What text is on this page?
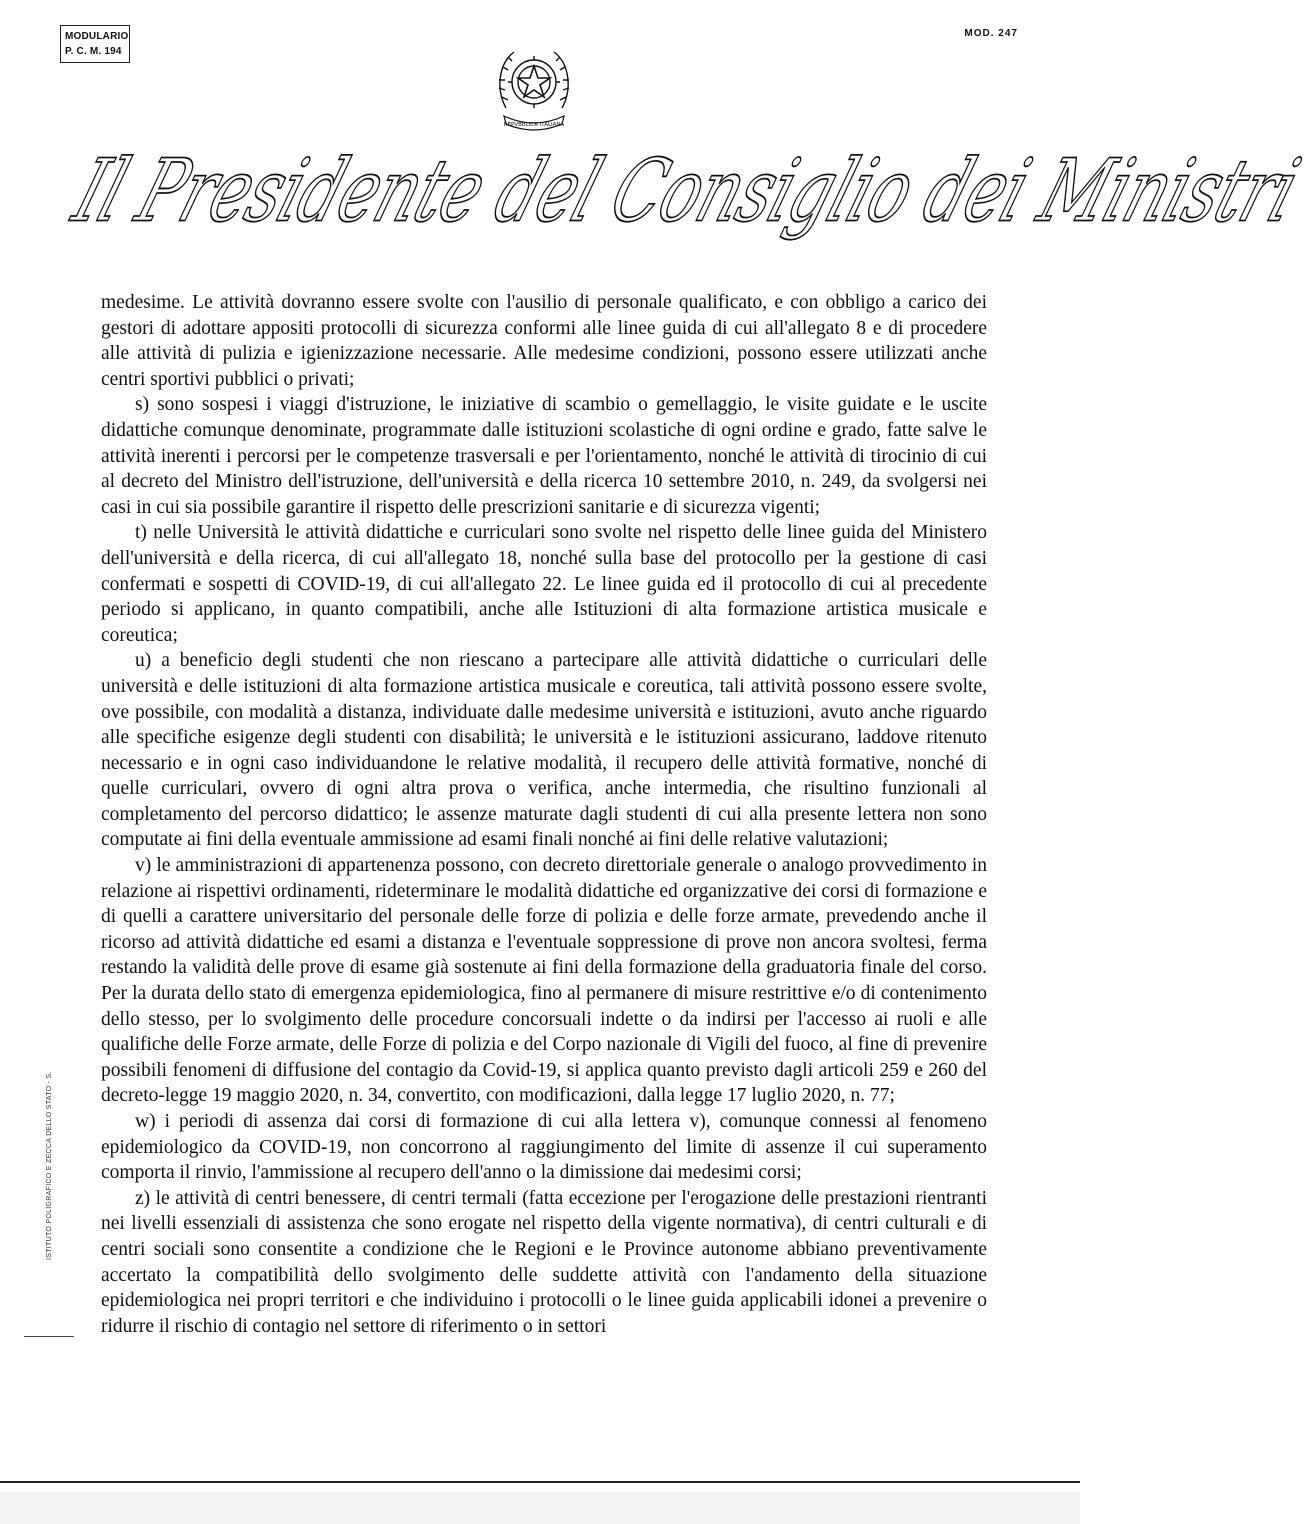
MODULARIO
P. C. M. 194
MOD. 247
REPVBBLICA ITALIANA
Il Presidente del Consiglio dei Ministri

medesime. Le attività dovranno essere svolte con l'ausilio di personale qualificato, e con obbligo a carico dei gestori di adottare appositi protocolli di sicurezza conformi alle linee guida di cui all'allegato 8 e di procedere alle attività di pulizia e igienizzazione necessarie. Alle medesime condizioni, possono essere utilizzati anche centri sportivi pubblici o privati;

s) sono sospesi i viaggi d'istruzione, le iniziative di scambio o gemellaggio, le visite guidate e le uscite didattiche comunque denominate, programmate dalle istituzioni scolastiche di ogni ordine e grado, fatte salve le attività inerenti i percorsi per le competenze trasversali e per l'orientamento, nonché le attività di tirocinio di cui al decreto del Ministro dell'istruzione, dell'università e della ricerca 10 settembre 2010, n. 249, da svolgersi nei casi in cui sia possibile garantire il rispetto delle prescrizioni sanitarie e di sicurezza vigenti;

t) nelle Università le attività didattiche e curriculari sono svolte nel rispetto delle linee guida del Ministero dell'università e della ricerca, di cui all'allegato 18, nonché sulla base del protocollo per la gestione di casi confermati e sospetti di COVID-19, di cui all'allegato 22. Le linee guida ed il protocollo di cui al precedente periodo si applicano, in quanto compatibili, anche alle Istituzioni di alta formazione artistica musicale e coreutica;

u) a beneficio degli studenti che non riescano a partecipare alle attività didattiche o curriculari delle università e delle istituzioni di alta formazione artistica musicale e coreutica, tali attività possono essere svolte, ove possibile, con modalità a distanza, individuate dalle medesime università e istituzioni, avuto anche riguardo alle specifiche esigenze degli studenti con disabilità; le università e le istituzioni assicurano, laddove ritenuto necessario e in ogni caso individuandone le relative modalità, il recupero delle attività formative, nonché di quelle curriculari, ovvero di ogni altra prova o verifica, anche intermedia, che risultino funzionali al completamento del percorso didattico; le assenze maturate dagli studenti di cui alla presente lettera non sono computate ai fini della eventuale ammissione ad esami finali nonché ai fini delle relative valutazioni;

v) le amministrazioni di appartenenza possono, con decreto direttoriale generale o analogo provvedimento in relazione ai rispettivi ordinamenti, rideterminare le modalità didattiche ed organizzative dei corsi di formazione e di quelli a carattere universitario del personale delle forze di polizia e delle forze armate, prevedendo anche il ricorso ad attività didattiche ed esami a distanza e l'eventuale soppressione di prove non ancora svoltesi, ferma restando la validità delle prove di esame già sostenute ai fini della formazione della graduatoria finale del corso. Per la durata dello stato di emergenza epidemiologica, fino al permanere di misure restrittive e/o di contenimento dello stesso, per lo svolgimento delle procedure concorsuali indette o da indirsi per l'accesso ai ruoli e alle qualifiche delle Forze armate, delle Forze di polizia e del Corpo nazionale di Vigili del fuoco, al fine di prevenire possibili fenomeni di diffusione del contagio da Covid-19, si applica quanto previsto dagli articoli 259 e 260 del decreto-legge 19 maggio 2020, n. 34, convertito, con modificazioni, dalla legge 17 luglio 2020, n. 77;

w) i periodi di assenza dai corsi di formazione di cui alla lettera v), comunque connessi al fenomeno epidemiologico da COVID-19, non concorrono al raggiungimento del limite di assenze il cui superamento comporta il rinvio, l'ammissione al recupero dell'anno o la dimissione dai medesimi corsi;

z) le attività di centri benessere, di centri termali (fatta eccezione per l'erogazione delle prestazioni rientranti nei livelli essenziali di assistenza che sono erogate nel rispetto della vigente normativa), di centri culturali e di centri sociali sono consentite a condizione che le Regioni e le Province autonome abbiano preventivamente accertato la compatibilità dello svolgimento delle suddette attività con l'andamento della situazione epidemiologica nei propri territori e che individuino i protocolli o le linee guida applicabili idonei a prevenire o ridurre il rischio di contagio nel settore di riferimento o in settori

ISTITUTO POLIGRAFICO E ZECCA DELLO STATO - S.
